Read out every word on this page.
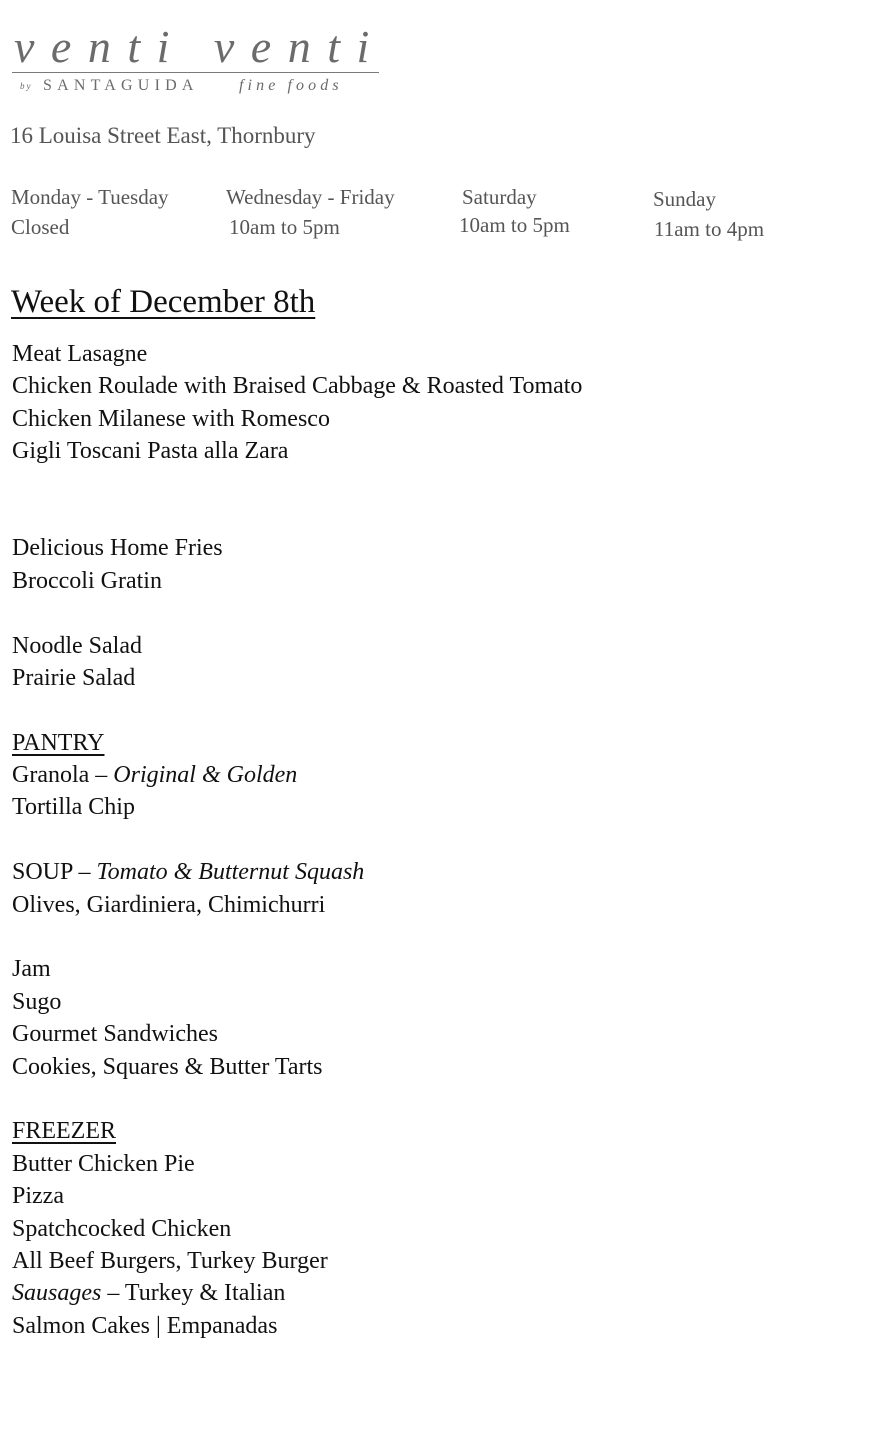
venti venti
by SANTAGUIDA	fine foods
16 Louisa Street East, Thornbury
Monday - Tuesday
Closed
Wednesday - Friday
10am to 5pm
Saturday
10am to 5pm
Sunday
11am to 4pm
Week of December 8th
Meat Lasagne
Chicken Roulade with Braised Cabbage & Roasted Tomato
Chicken Milanese with Romesco
Gigli Toscani Pasta alla Zara
Delicious Home Fries
Broccoli Gratin
Noodle Salad
Prairie Salad
PANTRY
Granola – Original & Golden
Tortilla Chip
SOUP – Tomato & Butternut Squash
Olives, Giardiniera, Chimichurri
Jam
Sugo
Gourmet Sandwiches
Cookies, Squares & Butter Tarts
FREEZER
Butter Chicken Pie
Pizza
Spatchcocked Chicken
All Beef Burgers, Turkey Burger
Sausages – Turkey & Italian
Salmon Cakes | Empanadas
